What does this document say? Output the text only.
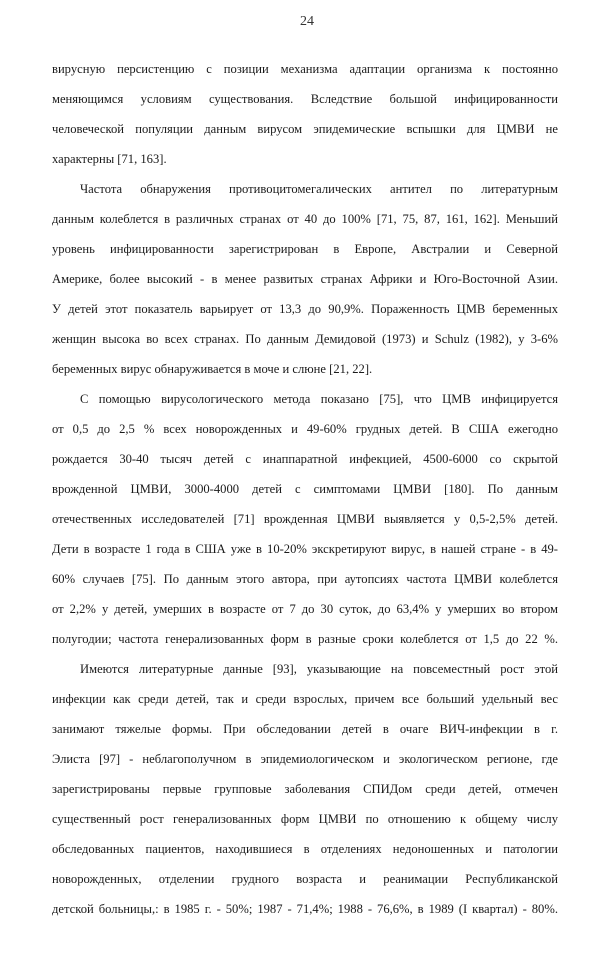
24
вирусную персистенцию с позиции механизма адаптации организма к постоянно
меняющимся условиям существования. Вследствие большой инфицированности
человеческой популяции данным вирусом эпидемические вспышки для ЦМВИ не
характерны [71, 163].
Частота обнаружения противоцитомегалических антител по литературным
данным колеблется в различных странах от 40 до 100% [71, 75, 87, 161, 162]. Меньший
уровень инфицированности зарегистрирован в Европе, Австралии и Северной
Америке, более высокий - в менее развитых странах Африки и Юго-Восточной Азии.
У детей этот показатель варьирует от 13,3 до 90,9%. Пораженность ЦМВ беременных
женщин высока во всех странах. По данным Демидовой (1973) и Schulz (1982), у 3-6%
беременных вирус обнаруживается в моче и слюне [21, 22].
С помощью вирусологического метода показано [75], что ЦМВ инфицируется
от 0,5 до 2,5 % всех новорожденных и 49-60% грудных детей. В США ежегодно
рождается 30-40 тысяч детей с инаппаратной инфекцией, 4500-6000 со скрытой
врожденной ЦМВИ, 3000-4000 детей с симптомами ЦМВИ [180]. По данным
отечественных исследователей [71] врожденная ЦМВИ выявляется у 0,5-2,5% детей.
Дети в возрасте 1 года в США уже в 10-20% экскретируют вирус, в нашей стране - в 49-
60% случаев [75]. По данным этого автора, при аутопсиях частота ЦМВИ колеблется
от 2,2% у детей, умерших в возрасте от 7 до 30 суток, до 63,4% у умерших во втором
полугодии; частота генерализованных форм в разные сроки колеблется от 1,5 до 22 %.
Имеются литературные данные [93], указывающие на повсеместный рост этой
инфекции как среди детей, так и среди взрослых, причем все больший удельный вес
занимают тяжелые формы. При обследовании детей в очаге ВИЧ-инфекции в г.
Элиста [97] - неблагополучном в эпидемиологическом и экологическом регионе, где
зарегистрированы первые групповые заболевания СПИДом среди детей, отмечен
существенный рост генерализованных форм ЦМВИ по отношению к общему числу
обследованных пациентов, находившиеся в отделениях недоношенных и патологии
новорожденных, отделении грудного возраста и реанимации Республиканской
детской больницы,: в 1985 г. - 50%; 1987 - 71,4%; 1988 - 76,6%, в 1989 (I квартал) - 80%.
